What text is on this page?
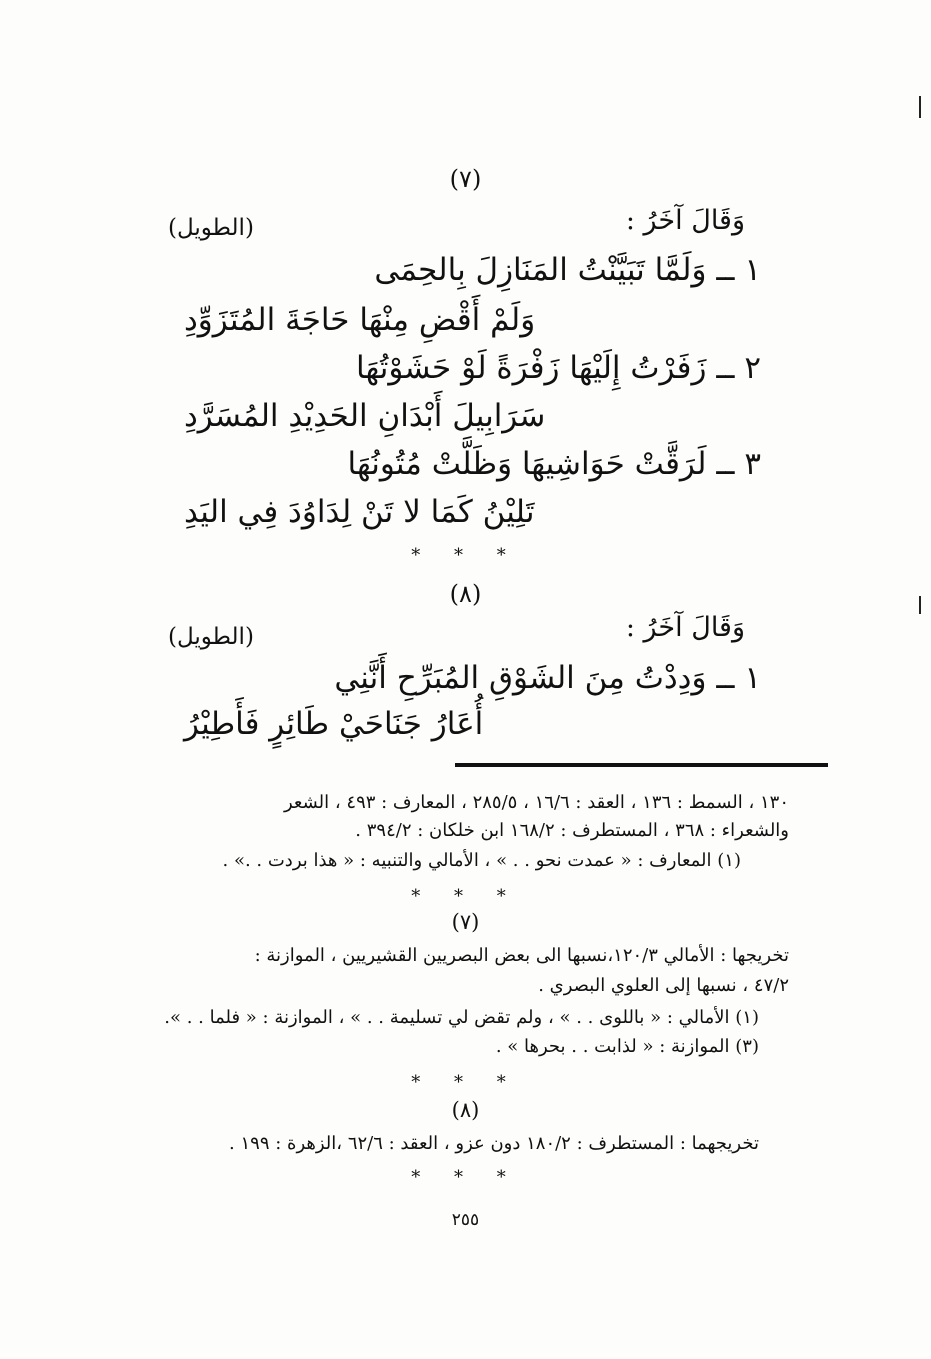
(٧)
وَقَالَ آخَرُ :
(الطويل)
١ ــ وَلَمَّا تَبَيَّنْتُ المَنَازِلَ بِالحِمَى
وَلَمْ أَقْضِ مِنْهَا حَاجَةَ المُتَزَوِّدِ
٢ ــ زَفَرْتُ إِلَيْهَا زَفْرَةً لَوْ حَشَوْتُهَا
سَرَابِيلَ أَبْدَانِ الحَدِيْدِ المُسَرَّدِ
٣ ــ لَرَقَّتْ حَوَاشِيهَا وَظَلَّتْ مُتُونُهَا
تَلِيْنُ كَمَا لا تَنْ لِدَاوُدَ فِي اليَدِ
* * *
(٨)
وَقَالَ آخَرُ :
(الطويل)
١ ــ وَدِدْتُ مِنَ الشَوْقِ المُبَرِّحِ أَنَّنِي
أُعَارُ جَنَاحَيْ طَائِرٍ فَأَطِيْرُ
١٣٠ ، السمط : ١٣٦ ، العقد : ١٦/٦ ، ٢٨٥/٥ ، المعارف : ٤٩٣ ، الشعر
والشعراء : ٣٦٨ ، المستطرف : ١٦٨/٢ ابن خلكان : ٣٩٤/٢ .
(١) المعارف : « عمدت نحو . . » ، الأمالي والتنبيه : « هذا بردت . .» .
* * *
(٧)
تخريجها : الأمالي ١٢٠/٣،نسبها الى بعض البصريين القشيريين ، الموازنة :
٤٧/٢ ، نسبها إلى العلوي البصري .
(١) الأمالي : « باللوى . . » ، ولم تقض لي تسليمة . . » ، الموازنة : « فلما . . ».
(٣) الموازنة : « لذابت . . بحرها » .
* * *
(٨)
تخريجهما : المستطرف : ١٨٠/٢ دون عزو ، العقد : ٦٢/٦ ،الزهرة : ١٩٩ .
* * *
٢٥٥
